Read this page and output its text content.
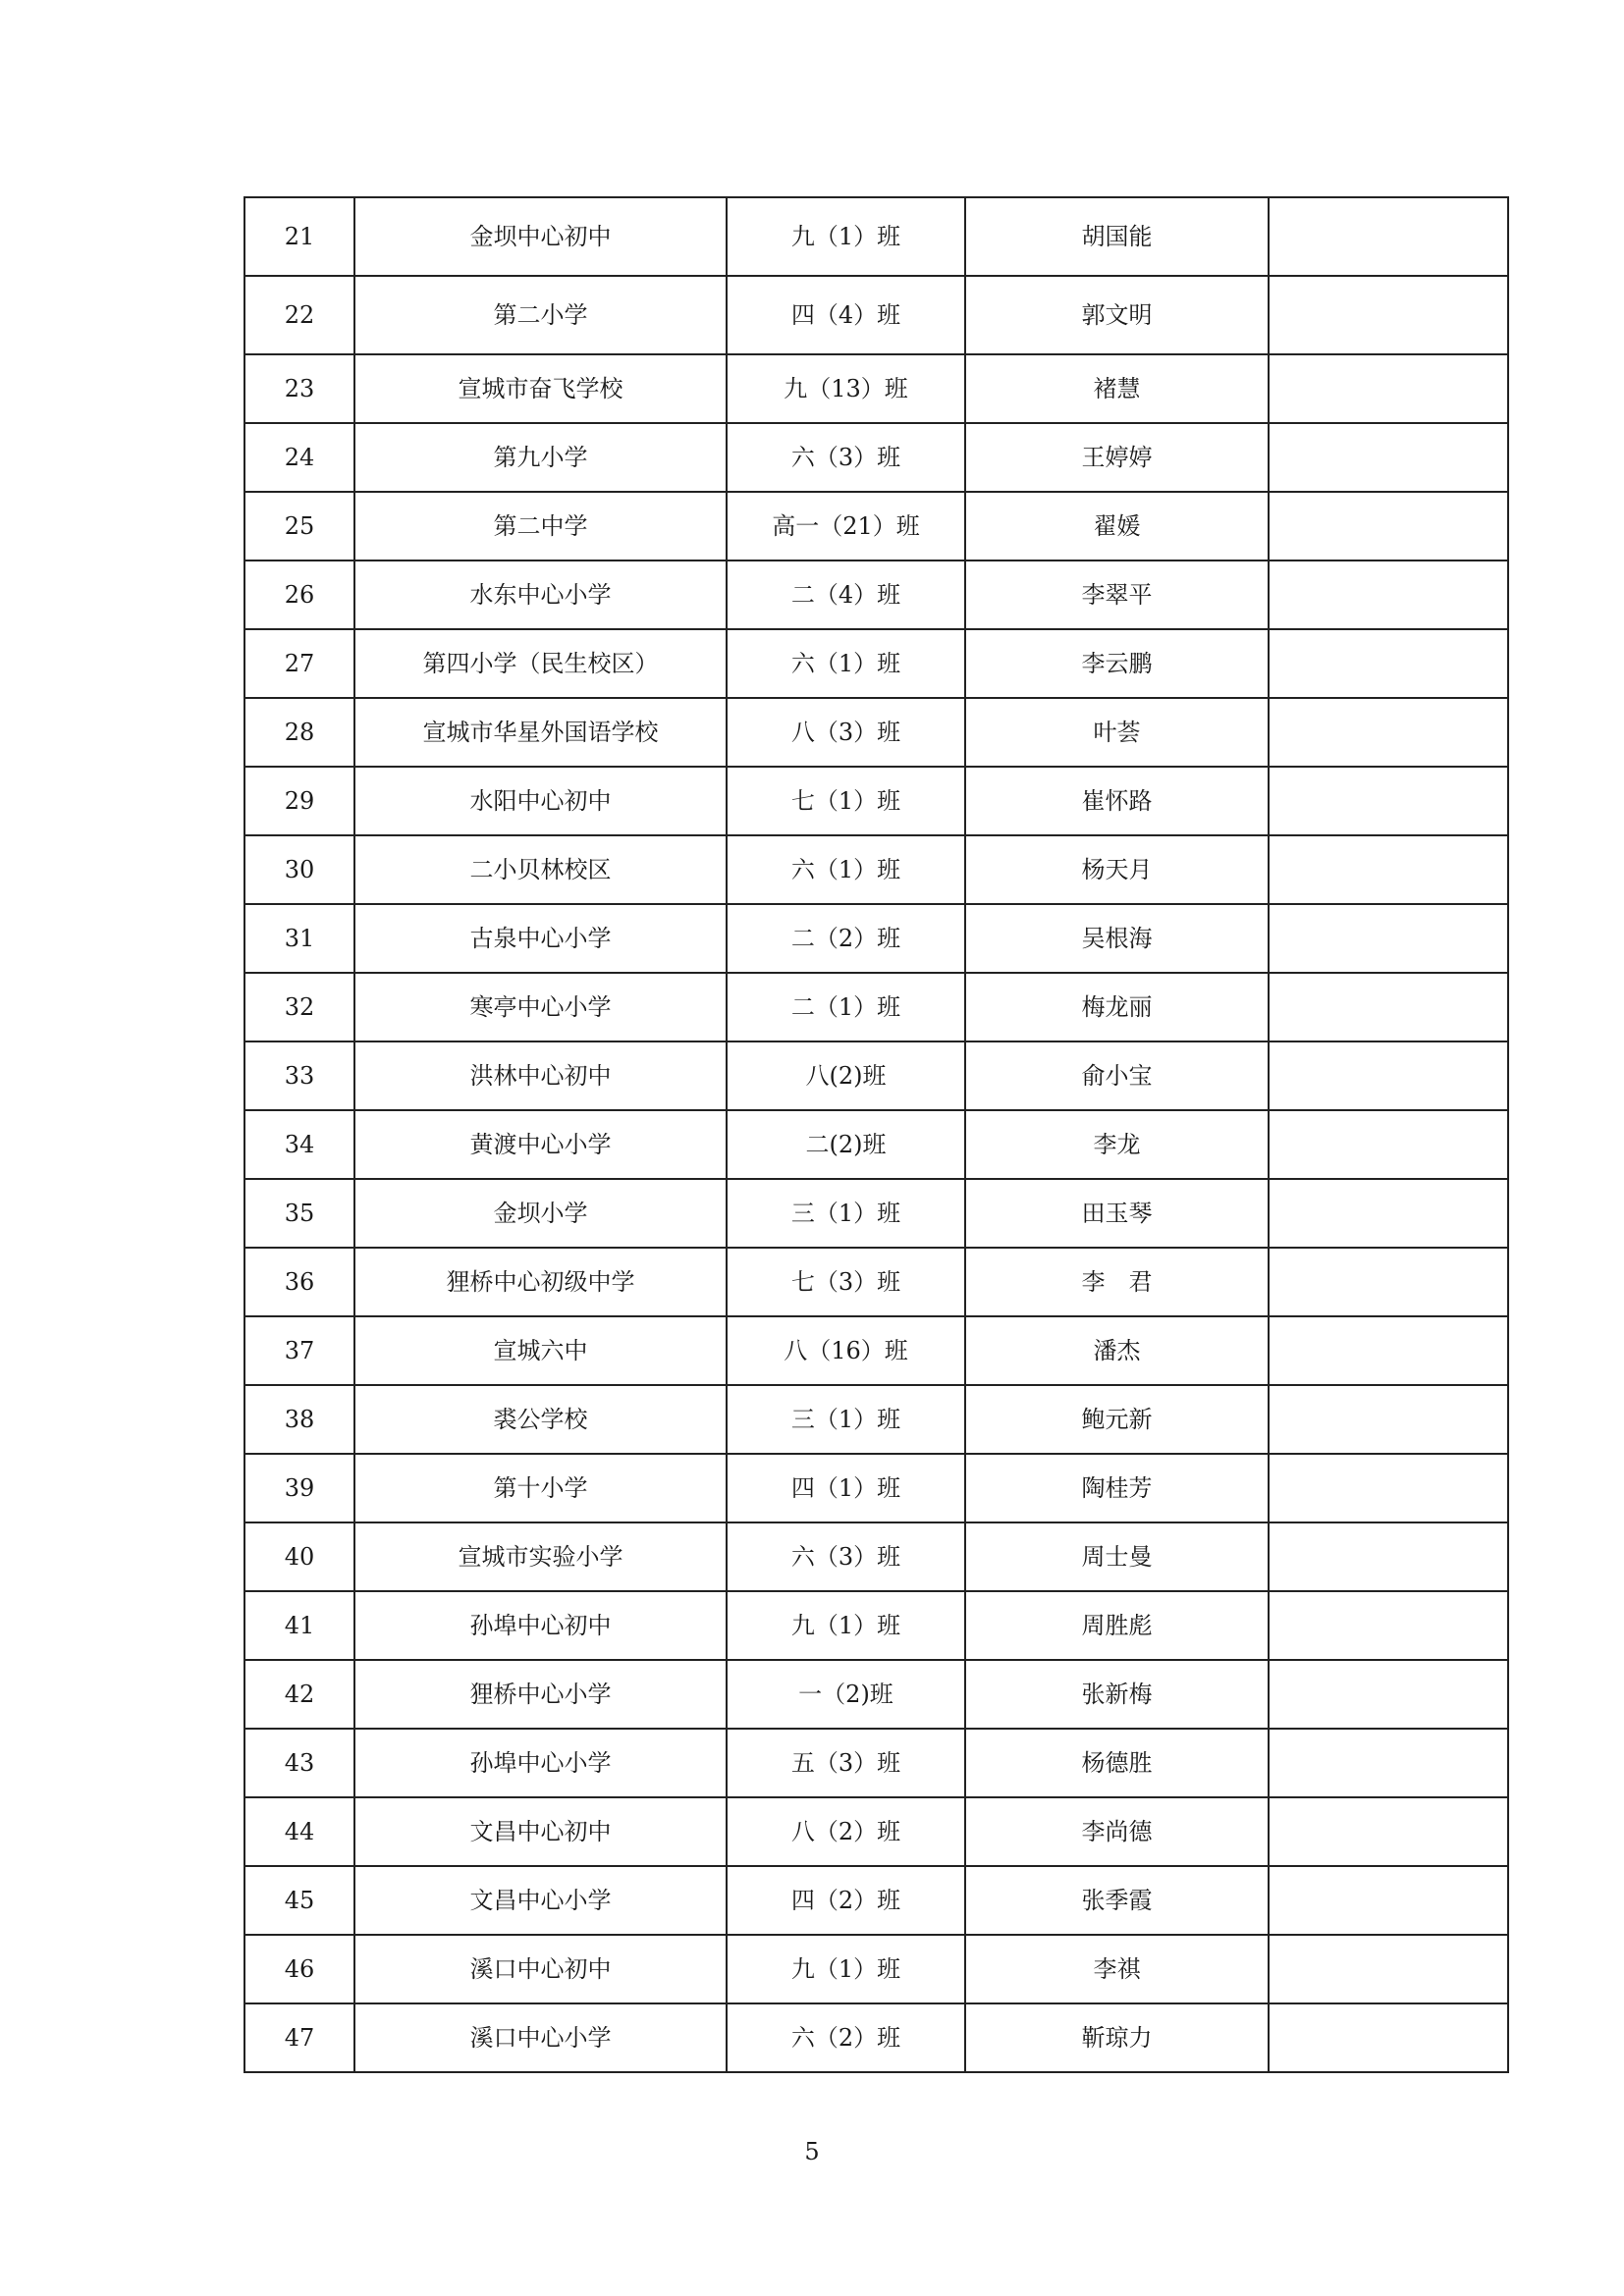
21	金坝中心初中	九（1）班	胡国能	
22	第二小学	四（4）班	郭文明	
23	宣城市奋飞学校	九（13）班	褚慧	
24	第九小学	六（3）班	王婷婷	
25	第二中学	高一（21）班	翟媛	
26	水东中心小学	二（4）班	李翠平	
27	第四小学（民生校区）	六（1）班	李云鹏	
28	宣城市华星外国语学校	八（3）班	叶荟	
29	水阳中心初中	七（1）班	崔怀路	
30	二小贝林校区	六（1）班	杨天月	
31	古泉中心小学	二（2）班	吴根海	
32	寒亭中心小学	二（1）班	梅龙丽	
33	洪林中心初中	八(2)班	俞小宝	
34	黄渡中心小学	二(2)班	李龙	
35	金坝小学	三（1）班	田玉琴	
36	狸桥中心初级中学	七（3）班	李　君	
37	宣城六中	八（16）班	潘杰	
38	裘公学校	三（1）班	鲍元新	
39	第十小学	四（1）班	陶桂芳	
40	宣城市实验小学	六（3）班	周士曼	
41	孙埠中心初中	九（1）班	周胜彪	
42	狸桥中心小学	一（2)班	张新梅	
43	孙埠中心小学	五（3）班	杨德胜	
44	文昌中心初中	八（2）班	李尚德	
45	文昌中心小学	四（2）班	张季霞	
46	溪口中心初中	九（1）班	李祺	
47	溪口中心小学	六（2）班	靳琼力	
5
